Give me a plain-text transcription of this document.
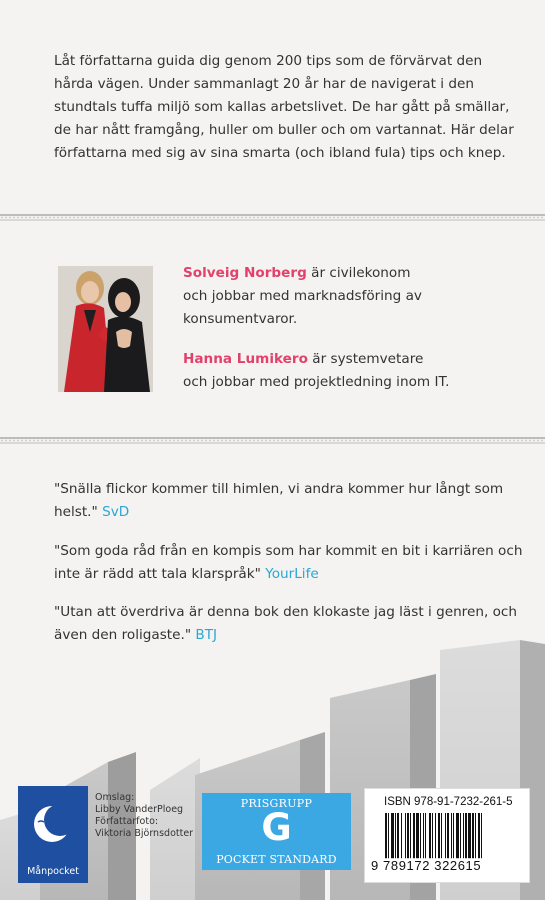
Låt författarna guida dig genom 200 tips som de förvärvat den hårda vägen. Under sammanlagt 20 år har de navigerat i den stundtals tuffa miljö som kallas arbetslivet. De har gått på smällar, de har nått framgång, huller om buller och om vartannat. Här delar författarna med sig av sina smarta (och ibland fula) tips och knep.

Solveig Norberg är civilekonom
och jobbar med marknadsföring av
konsumentvaror.
Hanna Lumikero är systemvetare
och jobbar med projektledning inom IT.

"Snälla flickor kommer till himlen, vi andra kommer hur långt som helst." SvD

"Som goda råd från en kompis som har kommit en bit i karriären och inte är rädd att tala klarspråk" YourLife

"Utan att överdriva är denna bok den klokaste jag läst i genren, och även den roligaste." BTJ

Månpocket
Omslag:
Libby VanderPloeg
Författarfoto:
Viktoria Björnsdotter
PRISGRUPP
G
POCKET STANDARD
ISBN 978-91-7232-261-5
9 789172 322615
